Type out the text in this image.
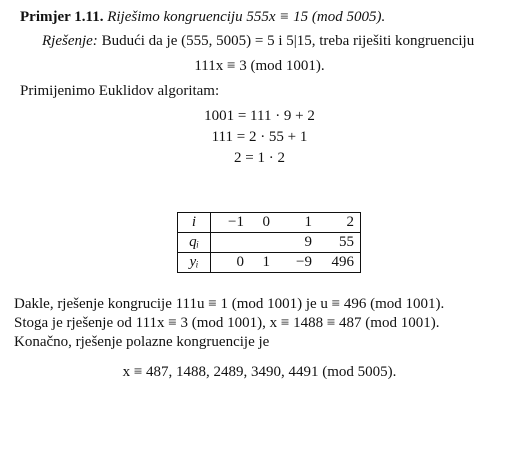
Primjer 1.11. Riješimo kongruenciju 555x ≡ 15 (mod 5005).
Rješenje: Budući da je (555, 5005) = 5 i 5|15, treba riješiti kongruenciju
111x ≡ 3 (mod 1001).
Primijenimo Euklidov algoritam:
1001 = 111 · 9 + 2
111 = 2 · 55 + 1
2 = 1 · 2
i	−1	0	1	2
qᵢ			9	55
yᵢ	0	1	−9	496
Dakle, rješenje kongrucije 111u ≡ 1 (mod 1001) je u ≡ 496 (mod 1001).
Stoga je rješenje od 111x ≡ 3 (mod 1001), x ≡ 1488 ≡ 487 (mod 1001).
Konačno, rješenje polazne kongruencije je
x ≡ 487, 1488, 2489, 3490, 4491 (mod 5005).
